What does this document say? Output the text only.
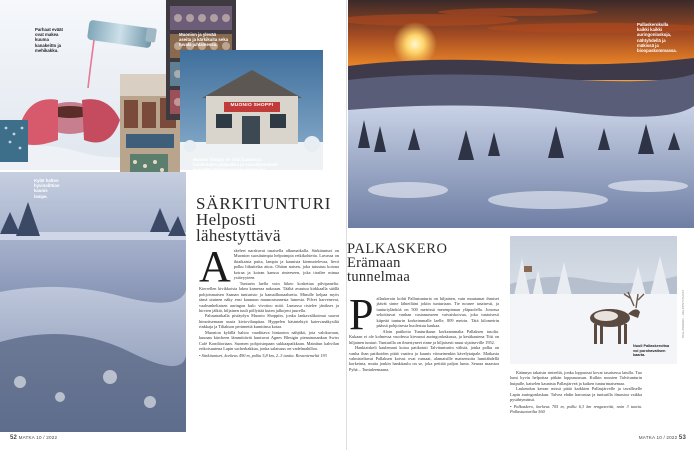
Parhaat eväät
ovat makea
kuuma
kanakeitto ja
mehikakku.
Muonion ja ylevää
aseita ja kärkikuita seka
tuvala juhlamessa.
MUONIO SHOPPI
Muonio Shoppi on ollut kaupan ja
hankintojen pääpaikka jo vuosikymmenet
ja sisältä löytyy muonion muotoilua.
Kylät haltoo
hyvinolittion kaunis
lampe.	SÄRKITUNTURI
Helposti
lähestyttävä

Askeleet narskuvat tasaisella alkumatkalla. Särkitunturi on Muonion suosituimpia helpoimpia retkikohteita. Luvassa on ikiaikaista puita, lampia ja kaunista kiemurtelevaa, lievä polku liikuttelaa aitoa. Ohitan naisen, joka tutustuu kotona koiraa ja koiran kanssa rinteeseen, joka tirailee minua ystävyyteen.

Tunturin laella voin liikeo koskettaa pilvipanelia. Kierrellen kivikkoista lakea kameraa nakoaan. Täältä avautuu kirkkaalla säällä pohjoismaisen Saanan tunturisto ja kamailhonaaluetta. Minulle kelpaa myös tämä utuinen näky ensi kaunuun muunostunnesta lumesta. Pilvet harvenevat, vaaleanheltaisen auringon kulo vivottoo mitä. Lumessa ristelee jänikses ja hirvien jälkiä, hiljainen tuuli pöllyttää kuten jalkojeni juurella.

Paluumatkalla pistäydyn Muonio Shoppiin, jonka lankavalikoimat saavat himoitsemaan uusia kiviovilaapitaa. Hyppelen käsintehtyä kaiervanäkysiltä rinkkaja ja Tiltakson perinnettä kumttinsa kotaa.

Muonion kylällä haltoo vaadittava hintaoton nähjäkä, jota valokuvaan, kuunan kärcheen lämmittävät kuntuvat Agnes Blestgin pienainasankan Swiss Café Konditoriaan. Suomen pohjoisinpaan sukkaapaikkaan. Mainitun kahvilan erikoisuutena Lapin sacherkakkua, jonka salaisuus on vadelmahilloa.

• Särkitunturi, korkeus 490 m, polku 5,8 km, 2–3 tuntia. Rovaniemeltä 193

52 MATKA 10 / 2022
Pallaskerokulla
kaikki kaikki
auringonlaskuja,
nähtyhdellä ja
mäkissä ja
bioopaskommassa.
Nuoll Pallaskeroltsa
voi porohavaitsen
kaarta.
PALLASKERO – HELPOSTI KUVAT
PALKASKERO
Erämaan
tunnelmaa

Pallaskeroin kohti Pallastunturia on hiljainen, vain muutamat ihmiset jäävät sinne lähteiltäni jokiin tunturiaan. Tie nousee tasaisesti, ja tunturiylänköä on 500 metrissä merenpinnan yläpuolella. Jonossa sekoittuvat vanhan vastamasseen vaivaiskoivua, joka tuntoisesti kiipeää tunturin korkeimmalle laelle, 809 metrin. Tätä kilometrin päässä pohjoisesta huolestuu kaukaa.

Aloin patikoita Tunturikuun korkeammalta Pallaksen tasolta. Kukaan ei ole kolmessa vuodessa kirvunut auringonlaskussa, ja kesäkautena Tiiti on hiljainen tunturi. Tunturilla on ilmestyneet rinne ja hiljaisesti muut sijaitseville 1952.

Hankiaiskeli kaulemani kotoa patikointi Talvitunturiin välistä, jonka polku on vanha ihan patikoiden pitää vaativa ja kaunis viimeinenkin kävelytaipale. Matkasta valmisteltavat Pallaksen koivut ovat runsaat, alamaisille maisemoita lumitähdellä korkeinta, mutta jonkin hankitaulu on se, joka peittää paljon lunta. Seuraa maastoa Pyhä – Tuntuleemaana.

Käännyn takaisin rinteeltä, jonka loppuosat kovat tasaisessa latulla. Tuo lumi hyvin helpottaa pitkän loppunousun. Kulkin nousten Talvitunturin huipulle, katselen kaunista Pallasjärveä ja kaiken tunturimaisemaa.

Laskeudun kerran missä pitää kaikkien Pallasjärvelle ja tavalliselle Lapin auringonlaskun. Talvea ehdin harrastaa ja tunturilla ilmastoa vaikka pysähtymässä.

• Palkaskero, korkeus 705 m, polku 6,3 km rengasreitti, noin 3 tuntia. Pallastunturilta 560

MATKA 10 / 2022 53
